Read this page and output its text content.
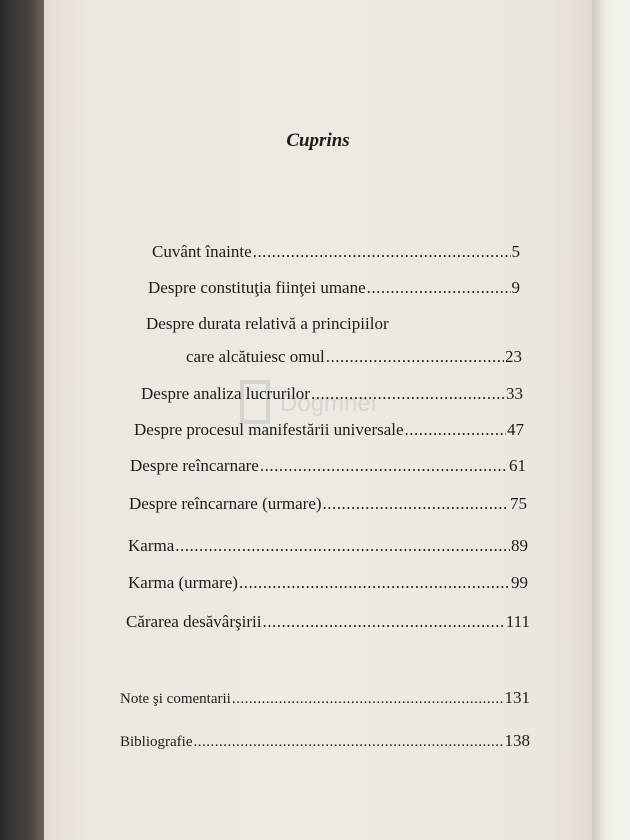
Cuprins
Dogmnei
Cuvânt înainte .....	5
Despre constituţia fiinţei umane .....	9
Despre durata relativă a principiilor
care alcătuiesc omul .....	23
Despre analiza lucrurilor .....	33
Despre procesul manifestării universale .....	47
Despre reîncarnare .....	61
Despre reîncarnare (urmare) .....	75
Karma .....	89
Karma (urmare) .....	99
Cărarea desăvârşirii .....	111
Note şi comentarii .....	131
Bibliografie .....	138
